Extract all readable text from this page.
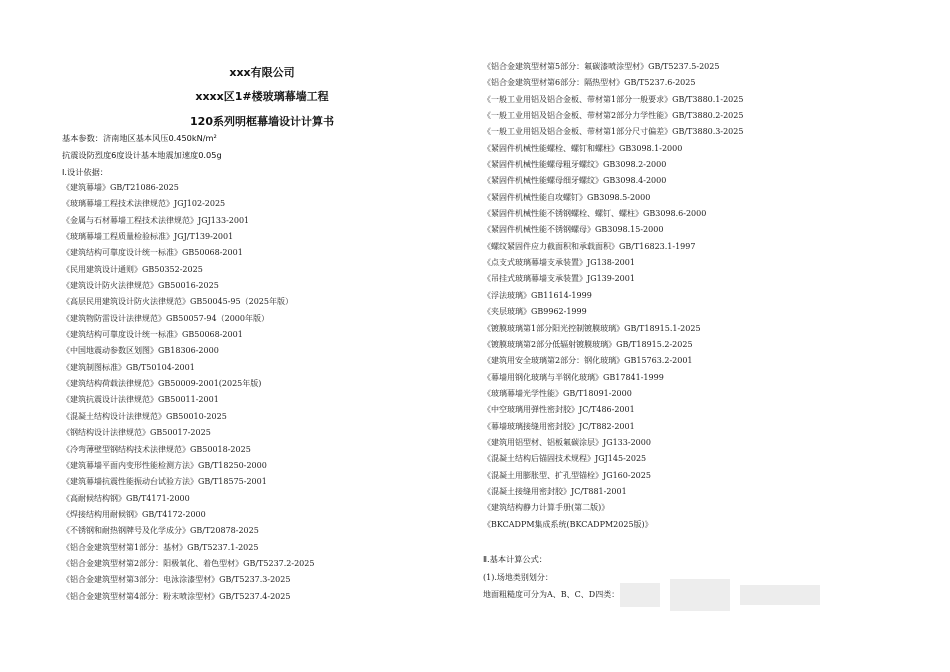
xxx有限公司
xxxx区1#楼玻璃幕墙工程
120系列明框幕墙设计计算书
基本参数：济南地区基本风压0.450kN/m²
抗震设防烈度6度设计基本地震加速度0.05g
Ⅰ.设计依据：
《建筑幕墙》GB/T21086-2025
《玻璃幕墙工程技术法律规范》JGJ102-2025
《金属与石材幕墙工程技术法律规范》JGJ133-2001
《玻璃幕墙工程质量检验标准》JGJ/T139-2001
《建筑结构可靠度设计统一标准》GB50068-2001
《民用建筑设计通则》GB50352-2025
《建筑设计防火法律规范》GB50016-2025
《高层民用建筑设计防火法律规范》GB50045-95（2025年版）
《建筑物防雷设计法律规范》GB50057-94（2000年版）
《建筑结构可靠度设计统一标准》GB50068-2001
《中国地震动参数区划图》GB18306-2000
《建筑制图标准》GB/T50104-2001
《建筑结构荷载法律规范》GB50009-2001(2025年版)
《建筑抗震设计法律规范》GB50011-2001
《混凝土结构设计法律规范》GB50010-2025
《钢结构设计法律规范》GB50017-2025
《冷弯薄壁型钢结构技术法律规范》GB50018-2025
《建筑幕墙平面内变形性能检测方法》GB/T18250-2000
《建筑幕墙抗震性能振动台试验方法》GB/T18575-2001
《高耐候结构钢》GB/T4171-2000
《焊接结构用耐候钢》GB/T4172-2000
《不锈钢和耐热钢牌号及化学成分》GB/T20878-2025
《铝合金建筑型材第1部分：基材》GB/T5237.1-2025
《铝合金建筑型材第2部分：阳极氧化、着色型材》GB/T5237.2-2025
《铝合金建筑型材第3部分：电泳涂漆型材》GB/T5237.3-2025
《铝合金建筑型材第4部分：粉末喷涂型材》GB/T5237.4-2025
《铝合金建筑型材第5部分：氟碳漆喷涂型材》GB/T5237.5-2025
《铝合金建筑型材第6部分：隔热型材》GB/T5237.6-2025
《一般工业用铝及铝合金板、带材第1部分一般要求》GB/T3880.1-2025
《一般工业用铝及铝合金板、带材第2部分力学性能》GB/T3880.2-2025
《一般工业用铝及铝合金板、带材第1部分尺寸偏差》GB/T3880.3-2025
《紧固件机械性能螺栓、螺钉和螺柱》GB3098.1-2000
《紧固件机械性能螺母粗牙螺纹》GB3098.2-2000
《紧固件机械性能螺母细牙螺纹》GB3098.4-2000
《紧固件机械性能自攻螺钉》GB3098.5-2000
《紧固件机械性能不锈钢螺栓、螺钉、螺柱》GB3098.6-2000
《紧固件机械性能不锈钢螺母》GB3098.15-2000
《螺纹紧固件应力截面积和承载面积》GB/T16823.1-1997
《点支式玻璃幕墙支承装置》JG138-2001
《吊挂式玻璃幕墙支承装置》JG139-2001
《浮法玻璃》GB11614-1999
《夹层玻璃》GB9962-1999
《镀膜玻璃第1部分阳光控制镀膜玻璃》GB/T18915.1-2025
《镀膜玻璃第2部分低辐射镀膜玻璃》GB/T18915.2-2025
《建筑用安全玻璃第2部分：钢化玻璃》GB15763.2-2001
《幕墙用钢化玻璃与半钢化玻璃》GB17841-1999
《玻璃幕墙光学性能》GB/T18091-2000
《中空玻璃用弹性密封胶》JC/T486-2001
《幕墙玻璃接缝用密封胶》JC/T882-2001
《建筑用铝型材、铝板氟碳涂层》JG133-2000
《混凝土结构后锚固技术规程》JGJ145-2025
《混凝土用膨胀型、扩孔型锚栓》JG160-2025
《混凝土接缝用密封胶》JC/T881-2001
《建筑结构静力计算手册(第二版)》
《BKCADPM集成系统(BKCADPM2025版)》
Ⅱ.基本计算公式：
(1).场地类别划分：
地面粗糙度可分为A、B、C、D四类：
